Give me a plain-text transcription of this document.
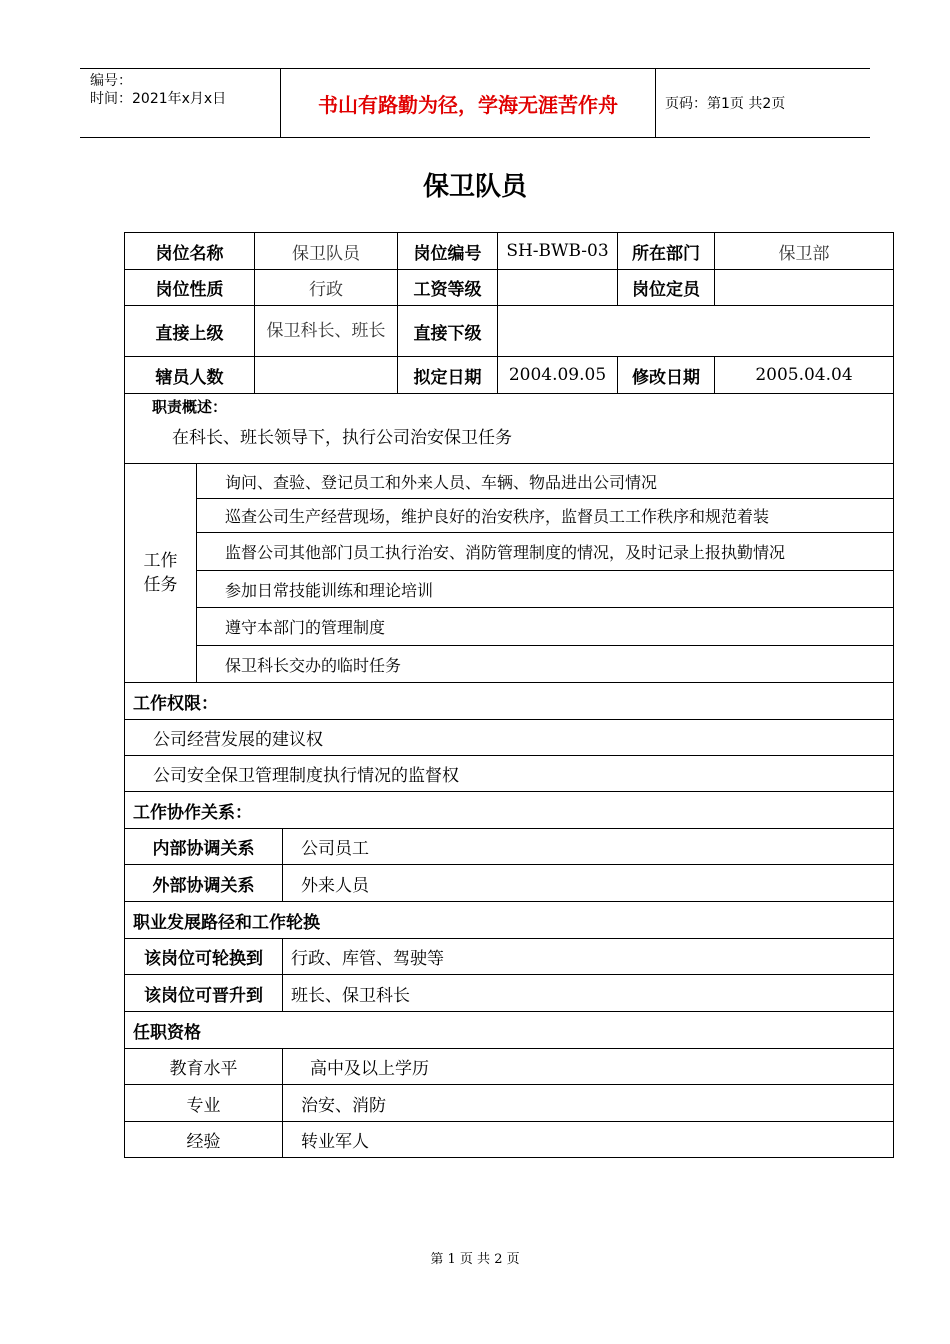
编号：
时间：2021年x月x日	书山有路勤为径，学海无涯苦作舟	页码：第1页 共2页
保卫队员
岗位名称	保卫队员	岗位编号	SH-BWB-03	所在部门	保卫部
岗位性质	行政	工资等级		岗位定员	
直接上级	保卫科长、班长	直接下级			
辖员人数		拟定日期	2004.09.05	修改日期	2005.04.04

职责概述：
在科长、班长领导下，执行公司治安保卫任务					
工作
任务
	询问、查验、登记员工和外来人员、车辆、物品进出公司情况
巡查公司生产经营现场，维护良好的治安秩序，监督员工工作秩序和规范着装
监督公司其他部门员工执行治安、消防管理制度的情况，及时记录上报执勤情况
参加日常技能训练和理论培训
遵守本部门的管理制度
保卫科长交办的临时任务
工作权限：	
公司经营发展的建议权	
公司安全保卫管理制度执行情况的监督权	
工作协作关系：	
内部协调关系	公司员工
外部协调关系	外来人员
职业发展路径和工作轮换	
该岗位可轮换到	行政、库管、驾驶等
该岗位可晋升到	班长、保卫科长
任职资格	
教育水平	高中及以上学历
专业	治安、消防
经验	转业军人
第 1 页 共 2 页
